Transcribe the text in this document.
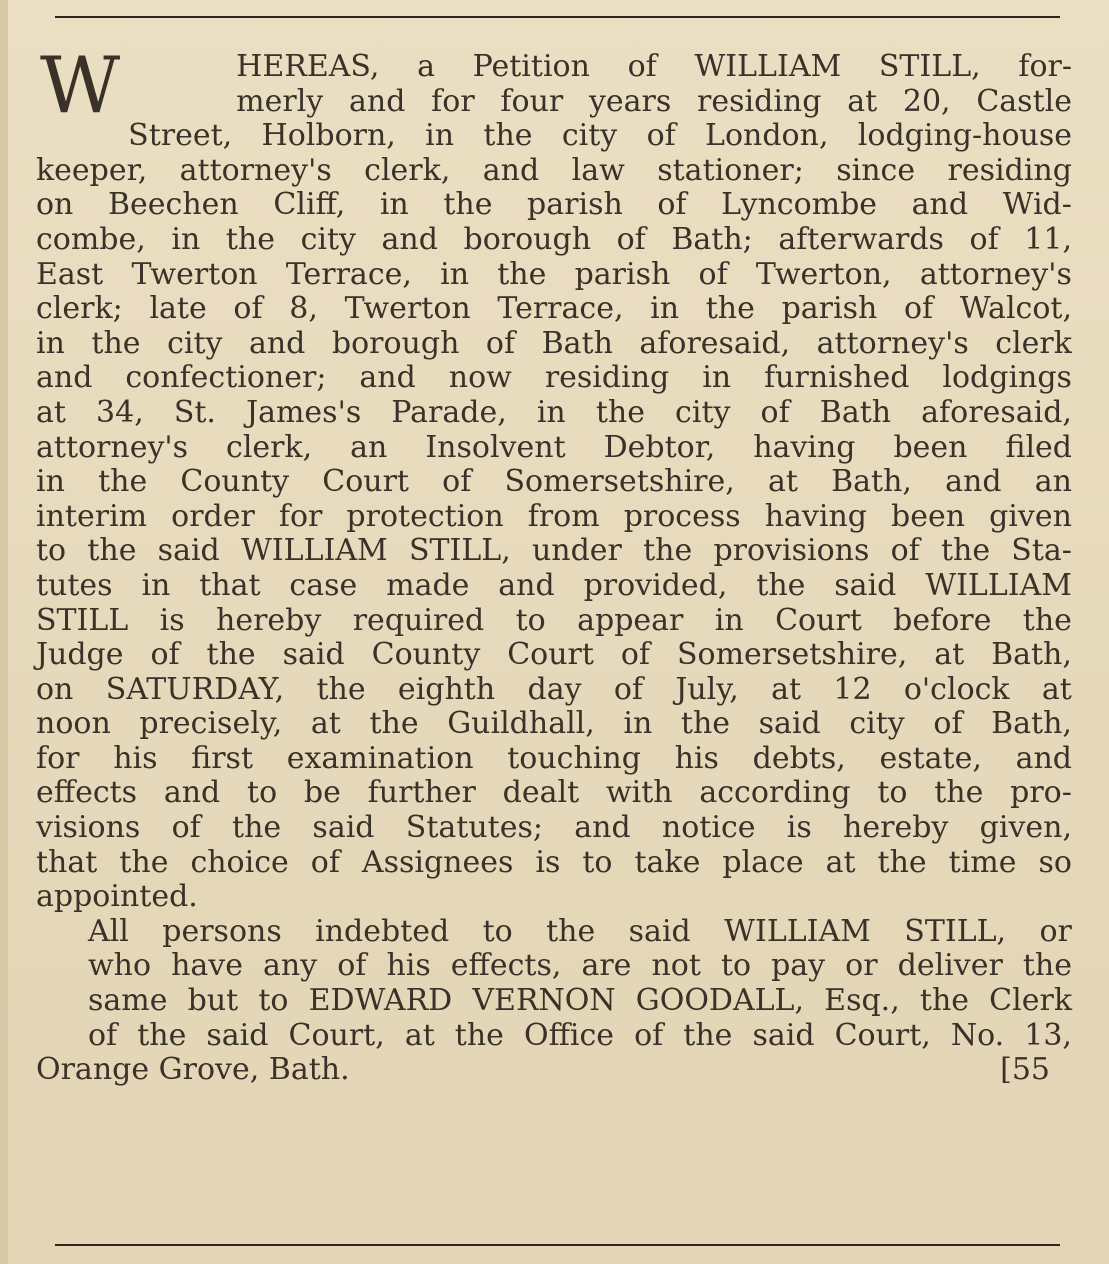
W	HEREAS, a Petition of WILLIAM STILL, for-
merly and for four years residing at 20, Castle
Street, Holborn, in the city of London, lodging-house
keeper, attorney's clerk, and law stationer; since residing
on Beechen Cliff, in the parish of Lyncombe and Wid-
combe, in the city and borough of Bath; afterwards of 11,
East Twerton Terrace, in the parish of Twerton, attorney's
clerk; late of 8, Twerton Terrace, in the parish of Walcot,
in the city and borough of Bath aforesaid, attorney's clerk
and confectioner; and now residing in furnished lodgings
at 34, St. James's Parade, in the city of Bath aforesaid,
attorney's clerk, an Insolvent Debtor, having been filed
in the County Court of Somersetshire, at Bath, and an
interim order for protection from process having been given
to the said WILLIAM STILL, under the provisions of the Sta-
tutes in that case made and provided, the said WILLIAM
STILL is hereby required to appear in Court before the
Judge of the said County Court of Somersetshire, at Bath,
on SATURDAY, the eighth day of July, at 12 o'clock at
noon precisely, at the Guildhall, in the said city of Bath,
for his first examination touching his debts, estate, and
effects and to be further dealt with according to the pro-
visions of the said Statutes; and notice is hereby given,
that the choice of Assignees is to take place at the time so
appointed.
All persons indebted to the said WILLIAM STILL, or
who have any of his effects, are not to pay or deliver the
same but to EDWARD VERNON GOODALL, Esq., the Clerk
of the said Court, at the Office of the said Court, No. 13,
Orange Grove, Bath.	[55
